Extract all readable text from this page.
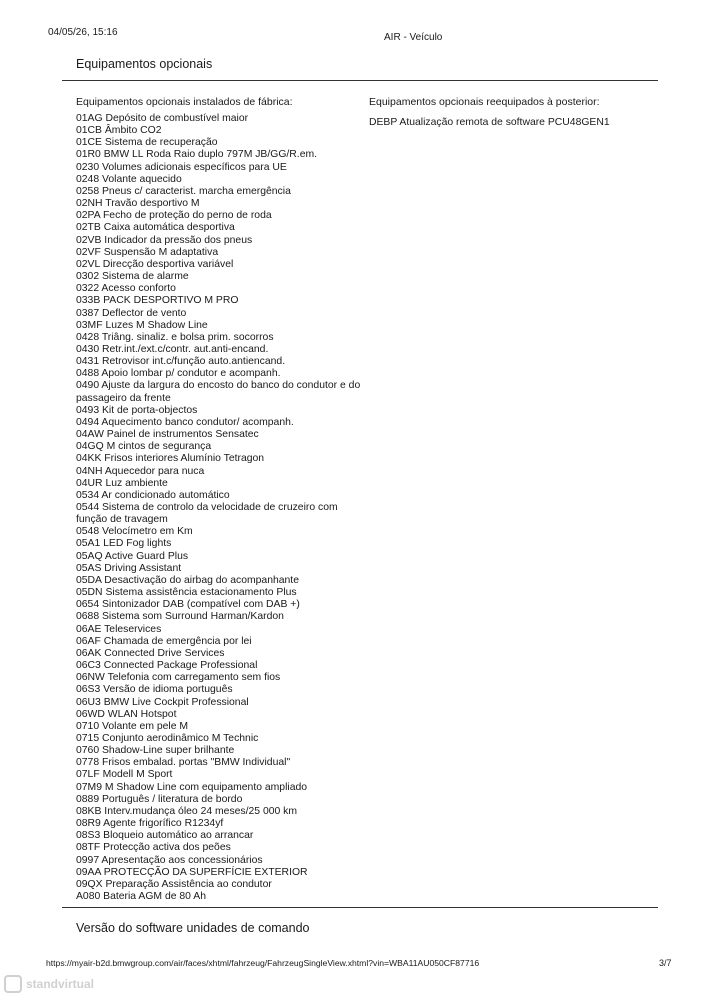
04/05/26, 15:16	AIR - Veículo
Equipamentos opcionais
Equipamentos opcionais instalados de fábrica:	Equipamentos opcionais reequipados à posterior:
01AG Depósito de combustível maior
01CB Âmbito CO2
01CE Sistema de recuperação
01R0 BMW LL Roda Raio duplo 797M JB/GG/R.em.
0230 Volumes adicionais específicos para UE
0248 Volante aquecido
0258 Pneus c/ caracterist. marcha emergência
02NH Travão desportivo M
02PA Fecho de proteção do perno de roda
02TB Caixa automática desportiva
02VB Indicador da pressão dos pneus
02VF Suspensão M adaptativa
02VL Direcção desportiva variável
0302 Sistema de alarme
0322 Acesso conforto
033B PACK DESPORTIVO M PRO
0387 Deflector de vento
03MF Luzes M Shadow Line
0428 Triâng. sinaliz. e bolsa prim. socorros
0430 Retr.int./ext.c/contr. aut.anti-encand.
0431 Retrovisor int.c/função auto.antiencand.
0488 Apoio lombar p/ condutor e acompanh.
0490 Ajuste da largura do encosto do banco do condutor e do passageiro da frente
0493 Kit de porta-objectos
0494 Aquecimento banco condutor/ acompanh.
04AW Painel de instrumentos Sensatec
04GQ M cintos de segurança
04KK Frisos interiores Alumínio Tetragon
04NH Aquecedor para nuca
04UR Luz ambiente
0534 Ar condicionado automático
0544 Sistema de controlo da velocidade de cruzeiro com função de travagem
0548 Velocímetro em Km
05A1 LED Fog lights
05AQ Active Guard Plus
05AS Driving Assistant
05DA Desactivação do airbag do acompanhante
05DN Sistema assistência estacionamento Plus
0654 Sintonizador DAB (compatível com DAB +)
0688 Sistema som Surround Harman/Kardon
06AE Teleservices
06AF Chamada de emergência por lei
06AK Connected Drive Services
06C3 Connected Package Professional
06NW Telefonia com carregamento sem fios
06S3 Versão de idioma português
06U3 BMW Live Cockpit Professional
06WD WLAN Hotspot
0710 Volante em pele M
0715 Conjunto aerodinâmico M Technic
0760 Shadow-Line super brilhante
0778 Frisos embalad. portas "BMW Individual"
07LF Modell M Sport
07M9 M Shadow Line com equipamento ampliado
0889 Português / literatura de bordo
08KB Interv.mudança óleo 24 meses/25 000 km
08R9 Agente frigorífico R1234yf
08S3 Bloqueio automático ao arrancar
08TF Protecção activa dos peões
0997 Apresentação aos concessionários
09AA PROTECÇÃO DA SUPERFÍCIE EXTERIOR
09QX Preparação Assistência ao condutor
A080 Bateria AGM de 80 Ah
DEBP Atualização remota de software PCU48GEN1
Versão do software unidades de comando
https://myair-b2d.bmwgroup.com/air/faces/xhtml/fahrzeug/FahrzeugSingleView.xhtml?vin=WBA11AU050CF87716	3/7
standvirtual
